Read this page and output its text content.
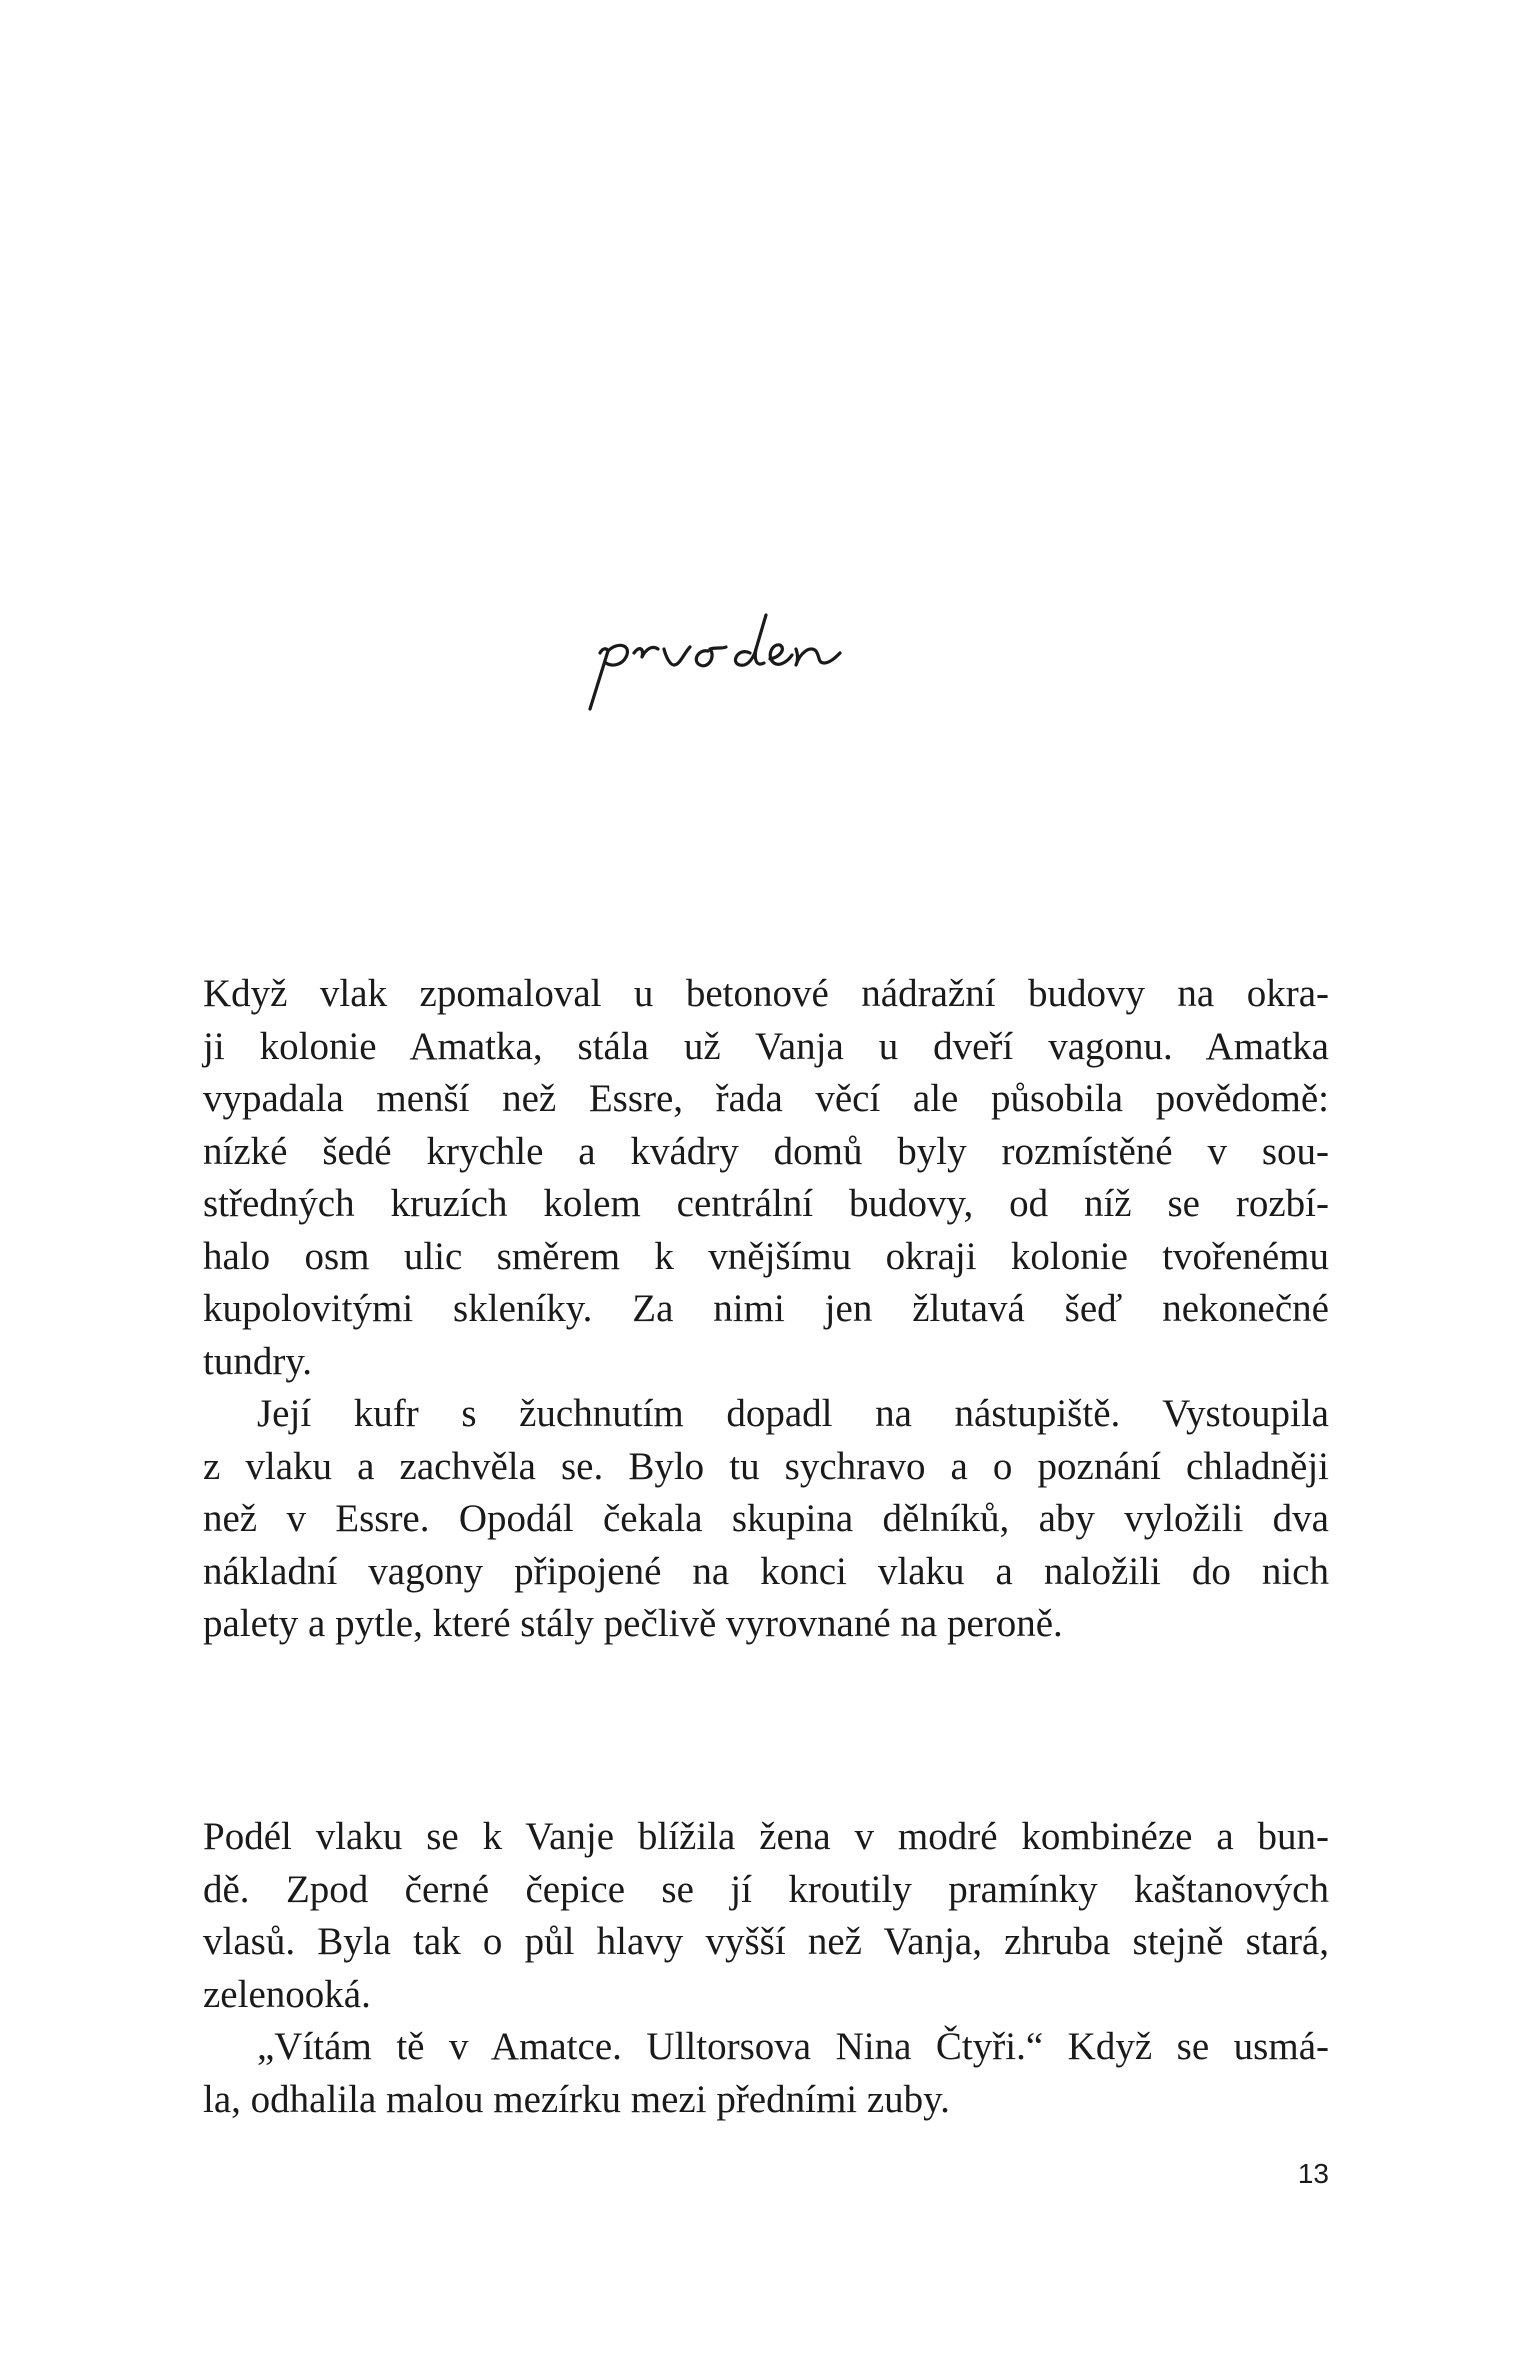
Když vlak zpomaloval u betonové nádražní budovy na okra-
ji kolonie Amatka, stála už Vanja u dveří vagonu. Amatka
vypadala menší než Essre, řada věcí ale působila povědomě:
nízké šedé krychle a kvádry domů byly rozmístěné v sou-
středných kruzích kolem centrální budovy, od níž se rozbí-
halo osm ulic směrem k vnějšímu okraji kolonie tvořenému
kupolovitými skleníky. Za nimi jen žlutavá šeď nekonečné
tundry.
Její kufr s žuchnutím dopadl na nástupiště. Vystoupila
z vlaku a zachvěla se. Bylo tu sychravo a o poznání chladněji
než v Essre. Opodál čekala skupina dělníků, aby vyložili dva
nákladní vagony připojené na konci vlaku a naložili do nich
palety a pytle, které stály pečlivě vyrovnané na peroně.
Podél vlaku se k Vanje blížila žena v modré kombinéze a bun-
dě. Zpod černé čepice se jí kroutily pramínky kaštanových
vlasů. Byla tak o půl hlavy vyšší než Vanja, zhruba stejně stará,
zelenooká.
„Vítám tě v Amatce. Ulltorsova Nina Čtyři.“ Když se usmá-
la, odhalila malou mezírku mezi předními zuby.
13
